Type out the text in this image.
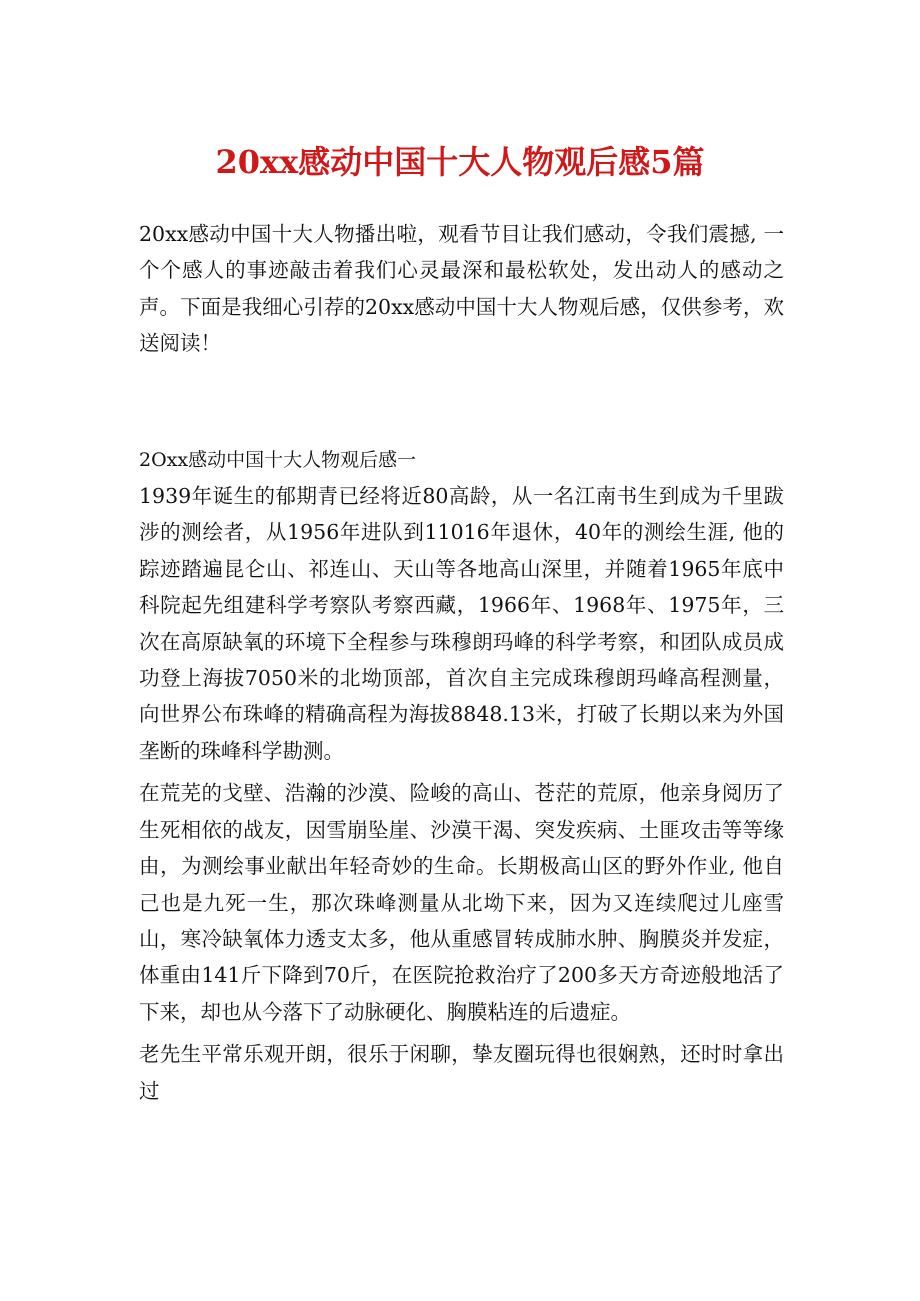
20xx感动中国十大人物观后感5篇

20xx感动中国十大人物播出啦，观看节目让我们感动，令我们震撼, 一个个感人的事迹敲击着我们心灵最深和最松软处，发出动人的感动之声。下面是我细心引荐的20xx感动中国十大人物观后感，仅供参考，欢送阅读！

2Oxx感动中国十大人物观后感一

1939年诞生的郁期青已经将近80高龄，从一名江南书生到成为千里跋涉的测绘者，从1956年进队到11016年退休，40年的测绘生涯, 他的踪迹踏遍昆仑山、祁连山、天山等各地高山深里，并随着1965年底中科院起先组建科学考察队考察西藏，1966年、1968年、1975年，三次在高原缺氧的环境下全程参与珠穆朗玛峰的科学考察，和团队成员成功登上海拔7050米的北坳顶部，首次自主完成珠穆朗玛峰高程测量，向世界公布珠峰的精确高程为海拔8848.13米，打破了长期以来为外国垄断的珠峰科学勘测。

在荒芜的戈壁、浩瀚的沙漠、险峻的高山、苍茫的荒原，他亲身阅历了生死相依的战友，因雪崩坠崖、沙漠干渴、突发疾病、土匪攻击等等缘由，为测绘事业献出年轻奇妙的生命。长期极高山区的野外作业, 他自己也是九死一生，那次珠峰测量从北坳下来，因为又连续爬过儿座雪山，寒冷缺氧体力透支太多，他从重感冒转成肺水肿、胸膜炎并发症，体重由141斤下降到70斤，在医院抢救治疗了200多天方奇迹般地活了下来，却也从今落下了动脉硬化、胸膜粘连的后遗症。

老先生平常乐观开朗，很乐于闲聊，挚友圈玩得也很娴熟，还时时拿出过
